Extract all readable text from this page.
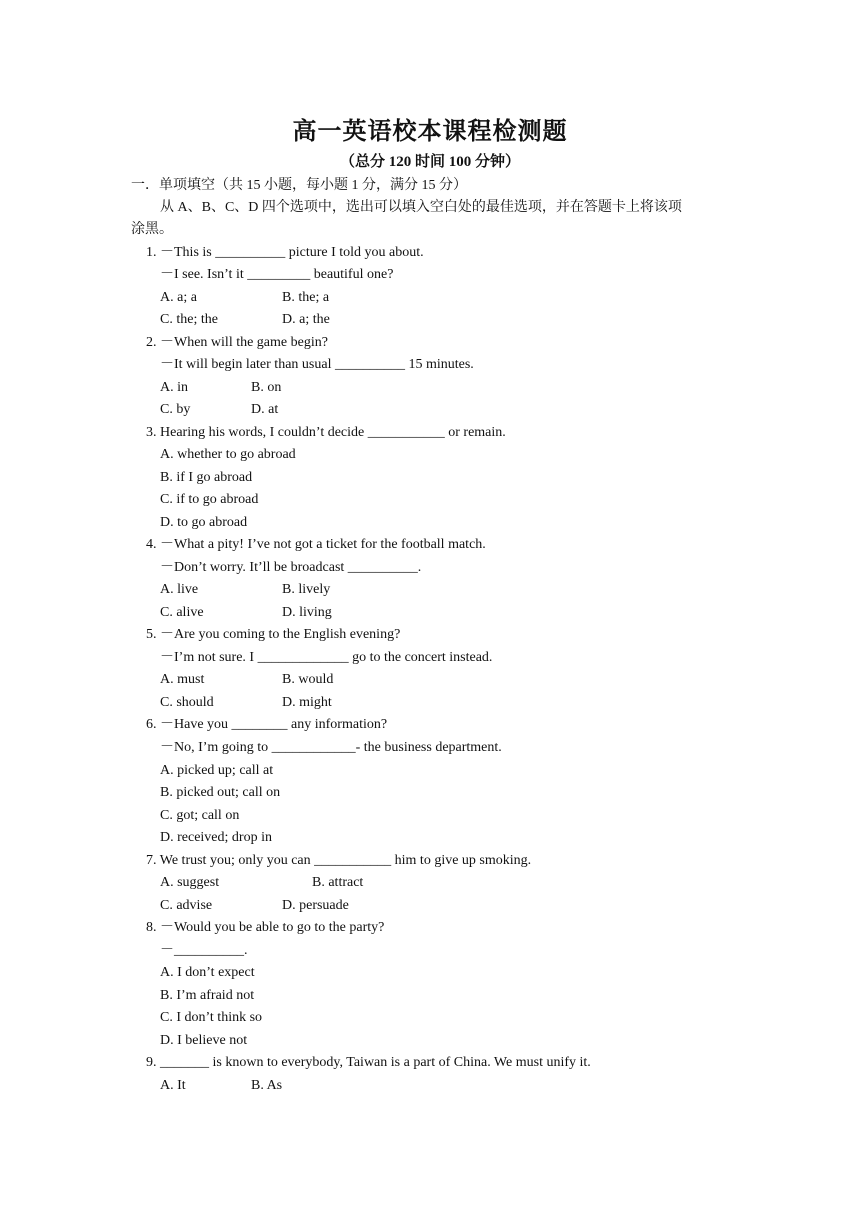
高一英语校本课程检测题
（总分 120 时间 100 分钟）
一．单项填空（共 15 小题，每小题 1 分，满分 15 分）
从 A、B、C、D 四个选项中，选出可以填入空白处的最佳选项，并在答题卡上将该项
涂黑。
1. －This is __________ picture I told you about.
－I see. Isn’t it _________ beautiful one?
A. a; a	B. the; a
C. the; the	D. a; the
2. －When will the game begin?
－It will begin later than usual __________ 15 minutes.
A. in	B. on
C. by	D. at
3. Hearing his words, I couldn’t decide ___________ or remain.
A. whether to go abroad
B. if I go abroad
C. if to go abroad
D. to go abroad
4. －What a pity! I’ve not got a ticket for the football match.
－Don’t worry. It’ll be broadcast __________.
A. live	B. lively
C. alive	D. living
5. －Are you coming to the English evening?
－I’m not sure. I _____________ go to the concert instead.
A. must	B. would
C. should	D. might
6. －Have you ________ any information?
－No, I’m going to ____________- the business department.
A. picked up; call at
B. picked out; call on
C. got; call on
D. received; drop in
7. We trust you; only you can ___________ him to give up smoking.
A. suggest	B. attract
C. advise	D. persuade
8. －Would you be able to go to the party?
－__________.
A. I don’t expect
B. I’m afraid not
C. I don’t think so
D. I believe not
9. _______ is known to everybody, Taiwan is a part of China. We must unify it.
A. It	B. As
